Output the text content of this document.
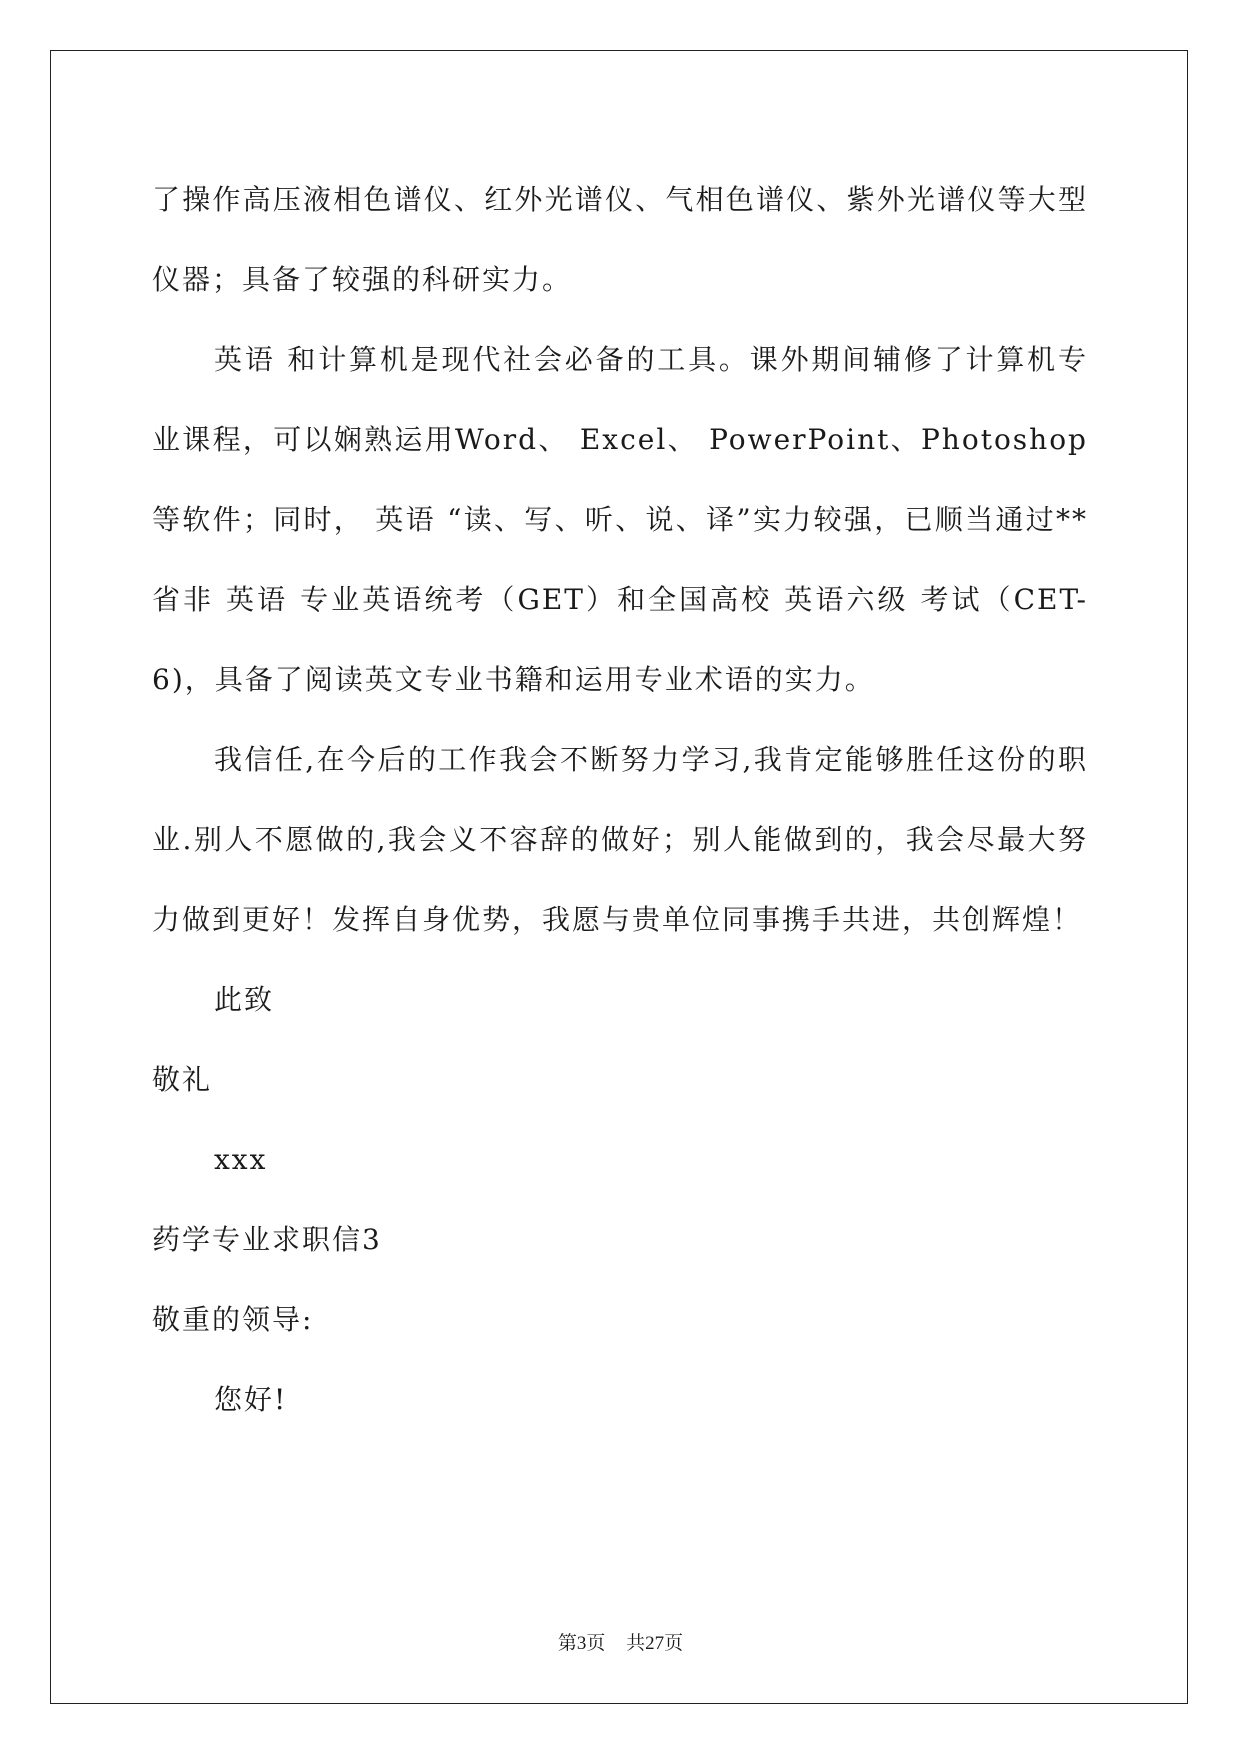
了操作高压液相色谱仪、红外光谱仪、气相色谱仪、紫外光谱仪等大型仪器；具备了较强的科研实力。

英语 和计算机是现代社会必备的工具。课外期间辅修了计算机专业课程，可以娴熟运用Word、 Excel、 PowerPoint、Photoshop等软件；同时， 英语 “读、写、听、说、译”实力较强，已顺当通过**省非 英语 专业英语统考（GET）和全国高校 英语六级 考试（CET-6)，具备了阅读英文专业书籍和运用专业术语的实力。

我信任,在今后的工作我会不断努力学习,我肯定能够胜任这份的职业.别人不愿做的,我会义不容辞的做好；别人能做到的，我会尽最大努力做到更好！发挥自身优势，我愿与贵单位同事携手共进，共创辉煌！

此致

敬礼

xxx

药学专业求职信3

敬重的领导:

您好!

第3页 共27页
